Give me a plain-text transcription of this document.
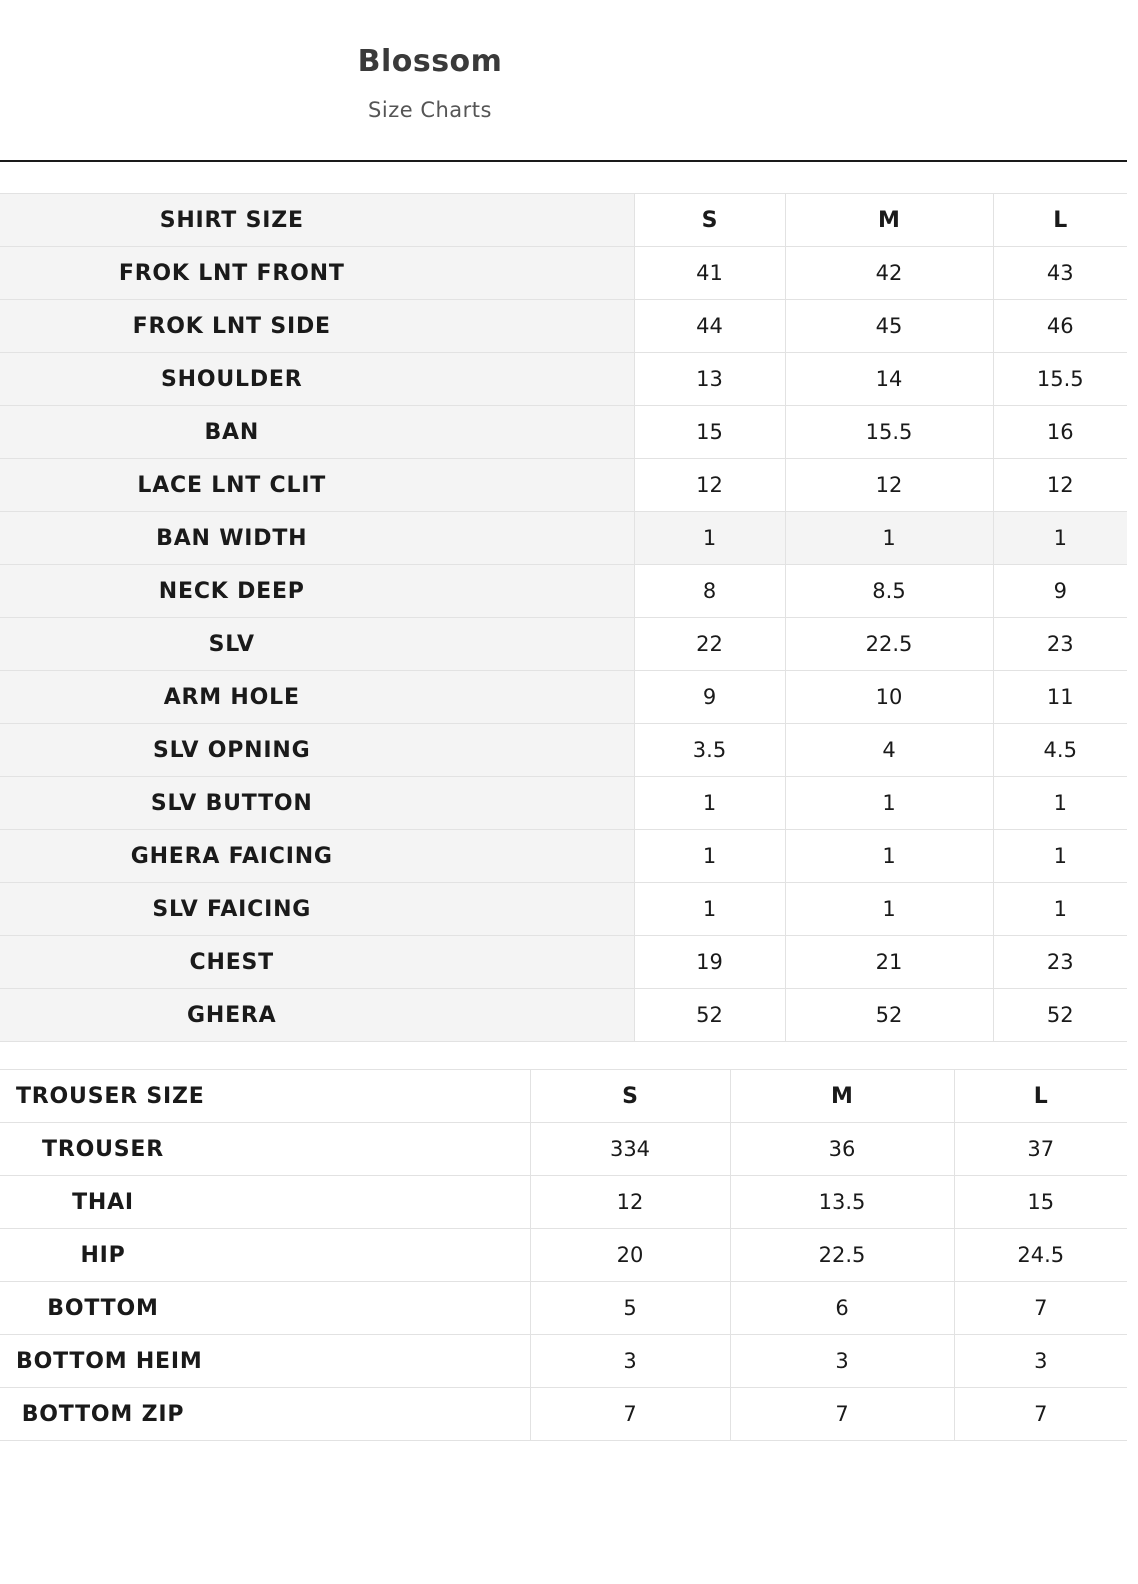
Blossom
Size Charts
SHIRT SIZE	S	M	L
FROK LNT FRONT	41	42	43
FROK LNT SIDE	44	45	46
SHOULDER	13	14	15.5
BAN	15	15.5	16
LACE LNT CLIT	12	12	12
BAN WIDTH	1	1	1
NECK DEEP	8	8.5	9
SLV	22	22.5	23
ARM HOLE	9	10	11
SLV OPNING	3.5	4	4.5
SLV BUTTON	1	1	1
GHERA FAICING	1	1	1
SLV FAICING	1	1	1
CHEST	19	21	23
GHERA	52	52	52
TROUSER SIZE	S	M	L
TROUSER	334	36	37
THAI	12	13.5	15
HIP	20	22.5	24.5
BOTTOM	5	6	7
BOTTOM HEIM	3	3	3
BOTTOM ZIP	7	7	7
